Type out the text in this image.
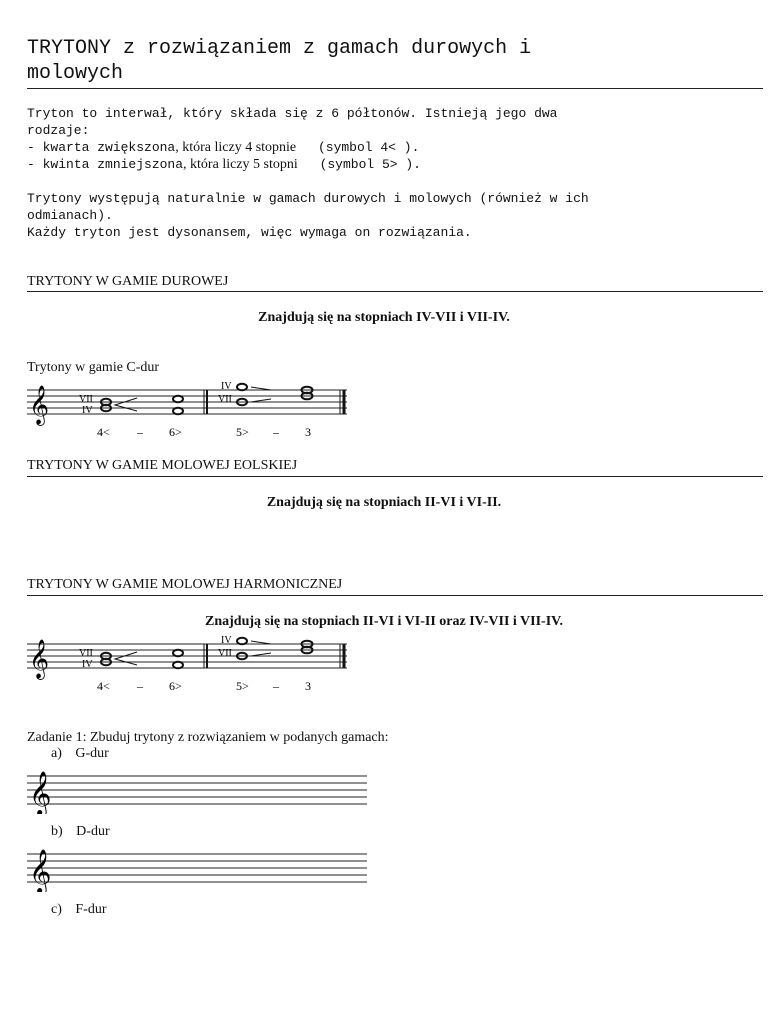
TRYTONY z rozwiązaniem z gamach durowych i
molowych
Tryton to interwał, który składa się z 6 półtonów. Istnieją jego dwa
rodzaje:
- kwarta zwiększona, która liczy 4 stopnie (symbol 4< ).
- kwinta zmniejszona, która liczy 5 stopni (symbol 5> ).
Trytony występują naturalnie w gamach durowych i molowych (również w ich
odmianach).
Każdy tryton jest dysonansem, więc wymaga on rozwiązania.
TRYTONY W GAMIE DUROWEJ
Znajdują się na stopniach IV-VII i VII-IV.
Trytony w gamie C-dur
𝄞	VII
IV
IV
VII
4< – 6>	5> – 3
TRYTONY W GAMIE MOLOWEJ EOLSKIEJ
Znajdują się na stopniach II-VI i VI-II.
TRYTONY W GAMIE MOLOWEJ HARMONICZNEJ
Znajdują się na stopniach II-VI i VI-II oraz IV-VII i VII-IV.
𝄞	VII
IV
IV
VII
4< – 6>	5> – 3
Zadanie 1: Zbuduj trytony z rozwiązaniem w podanych gamach:
a) G-dur
𝄞
b) D-dur
𝄞
c) F-dur
